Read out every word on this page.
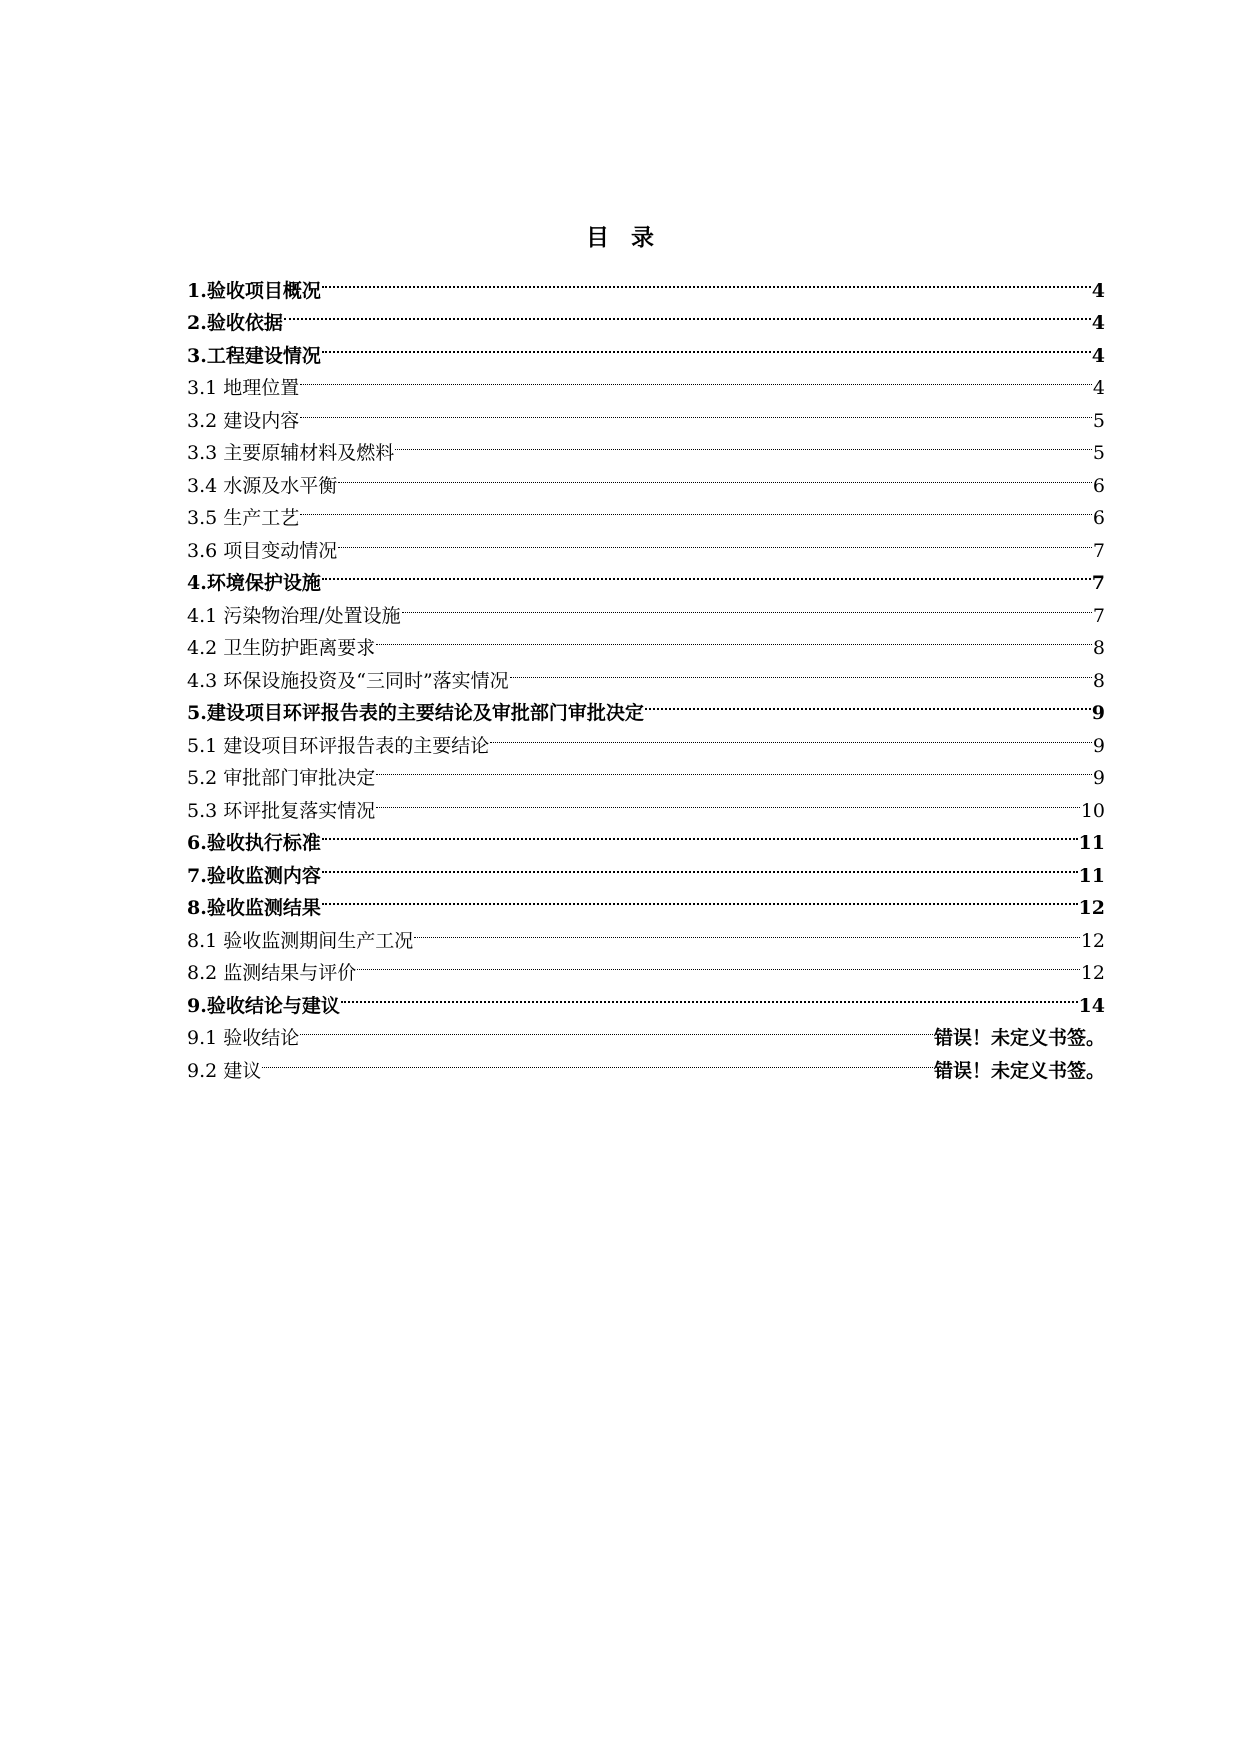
目 录
1.验收项目概况	4
2.验收依据	4
3.工程建设情况	4
3.1 地理位置	4
3.2 建设内容	5
3.3 主要原辅材料及燃料	5
3.4 水源及水平衡	6
3.5 生产工艺	6
3.6 项目变动情况	7
4.环境保护设施	7
4.1 污染物治理/处置设施	7
4.2 卫生防护距离要求	8
4.3 环保设施投资及“三同时”落实情况	8
5.建设项目环评报告表的主要结论及审批部门审批决定	9
5.1 建设项目环评报告表的主要结论	9
5.2 审批部门审批决定	9
5.3 环评批复落实情况	10
6.验收执行标准	11
7.验收监测内容	11
8.验收监测结果	12
8.1 验收监测期间生产工况	12
8.2 监测结果与评价	12
9.验收结论与建议	14
9.1 验收结论	错误！未定义书签。
9.2 建议	错误！未定义书签。
